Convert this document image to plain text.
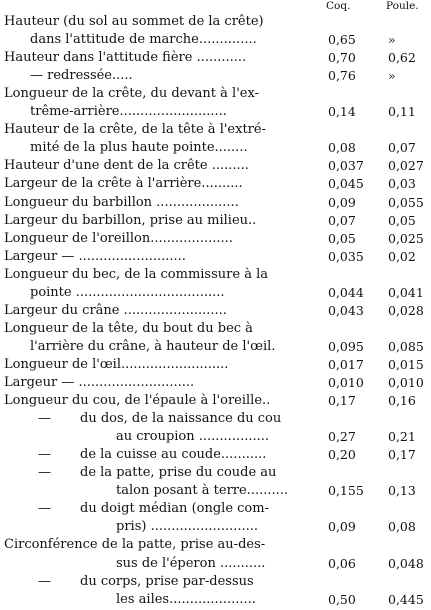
Coq.	Poule.
Hauteur (du sol au sommet de la crête)
dans l'attitude de marche..............	0,65	»
Hauteur dans l'attitude fière ............	0,70	0,62
— redressée.....	0,76	»
Longueur de la crête, du devant à l'ex-
trême-arrière..........................	0,14	0,11
Hauteur de la crête, de la tête à l'extré-
mité de la plus haute pointe........	0,08	0,07
Hauteur d'une dent de la crête .........	0,037 0,027
Largeur de la crête à l'arrière..........	0,045 0,03
Longueur du barbillon ....................	0,09	0,055
Largeur du barbillon, prise au milieu..	0,07	0,05
Longueur de l'oreillon....................	0,05	0,025
Largeur — ..........................	0,035 0,02
Longueur du bec, de la commissure à la
pointe ....................................	0,044 0,041
Largeur du crâne .........................	0,043 0,028
Longueur de la tête, du bout du bec à
l'arrière du crâne, à hauteur de l'œil.	0,095 0,085
Longueur de l'œil..........................	0,017 0,015
Largeur — ............................	0,010 0,010
Longueur du cou, de l'épaule à l'oreille..	0,17	0,16
— du dos, de la naissance du cou
au croupion .................	0,27	0,21
— de la cuisse au coude...........	0,20	0,17
— de la patte, prise du coude au
talon posant à terre..........	0,155 0,13
— du doigt médian (ongle com-
pris) ..........................	0,09	0,08
Circonférence de la patte, prise au-des-
sus de l'éperon ...........	0,06	0,048
— du corps, prise par-dessus
les ailes.....................	0,50	0,445
